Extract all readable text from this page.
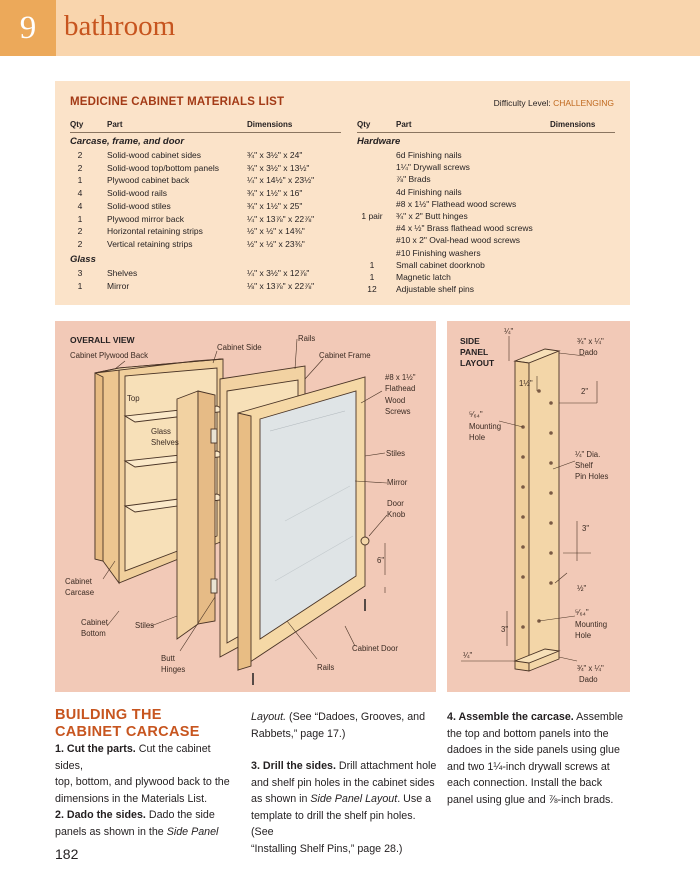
9 bathroom
MEDICINE CABINET MATERIALS LIST	Difficulty Level: CHALLENGING
Qty	Part	Dimensions	Qty	Part	Dimensions
Carcase, frame, and door
2	Solid-wood cabinet sides	¾" x 3½" x 24"
2	Solid-wood top/bottom panels	¾" x 3½" x 13½"
1	Plywood cabinet back	¼" x 14½" x 23½"
4	Solid-wood rails	¾" x 1½" x 16"
4	Solid-wood stiles	¾" x 1½" x 25"
1	Plywood mirror back	¼" x 13⅞" x 22⅞"
2	Horizontal retaining strips	½" x ½" x 14⅜"
2	Vertical retaining strips	½" x ½" x 23⅜"
Glass
3	Shelves	¼" x 3½" x 12⅞"
1	Mirror	⅛" x 13⅞" x 22⅞"
Hardware
6d Finishing nails
1¼" Drywall screws
⅞" Brads
4d Finishing nails
#8 x 1½" Flathead wood screws
1 pair	¾" x 2" Butt hinges
#4 x ½" Brass flathead wood screws
#10 x 2" Oval-head wood screws
#10 Finishing washers
1	Small cabinet doorknob
1	Magnetic latch
12	Adjustable shelf pins
OVERALL VIEW
Cabinet Plywood Back
Cabinet Side
Rails
Cabinet Frame
#8 x 1½"
Flathead
Wood
Screws
Top
Glass
Shelves
Stiles
Mirror
Door
Knob
6"
Cabinet
Carcase
Cabinet
Bottom
Stiles
Butt
Hinges
Cabinet Door
Rails
SIDE
PANEL
LAYOUT
¼"
¾" x ¼"
Dado
1½"
2"
⁵⁄₆₄"
Mounting
Hole
¼" Dia.
Shelf
Pin Holes
3"
½"
⁵⁄₆₄"
Mounting
Hole
3"
¼"
¾" x ¼"
Dado
BUILDING THE
CABINET CARCASE
1. Cut the parts. Cut the cabinet sides,
top, bottom, and plywood back to the
dimensions in the Materials List.
2. Dado the sides. Dado the side
panels as shown in the Side Panel
Layout. (See “Dadoes, Grooves, and
Rabbets,” page 17.)
3. Drill the sides. Drill attachment hole
and shelf pin holes in the cabinet sides
as shown in Side Panel Layout. Use a
template to drill the shelf pin holes. (See
“Installing Shelf Pins,” page 28.)
4. Assemble the carcase. Assemble
the top and bottom panels into the
dadoes in the side panels using glue
and two 1¼-inch drywall screws at
each connection. Install the back
panel using glue and ⅞-inch brads.
182
